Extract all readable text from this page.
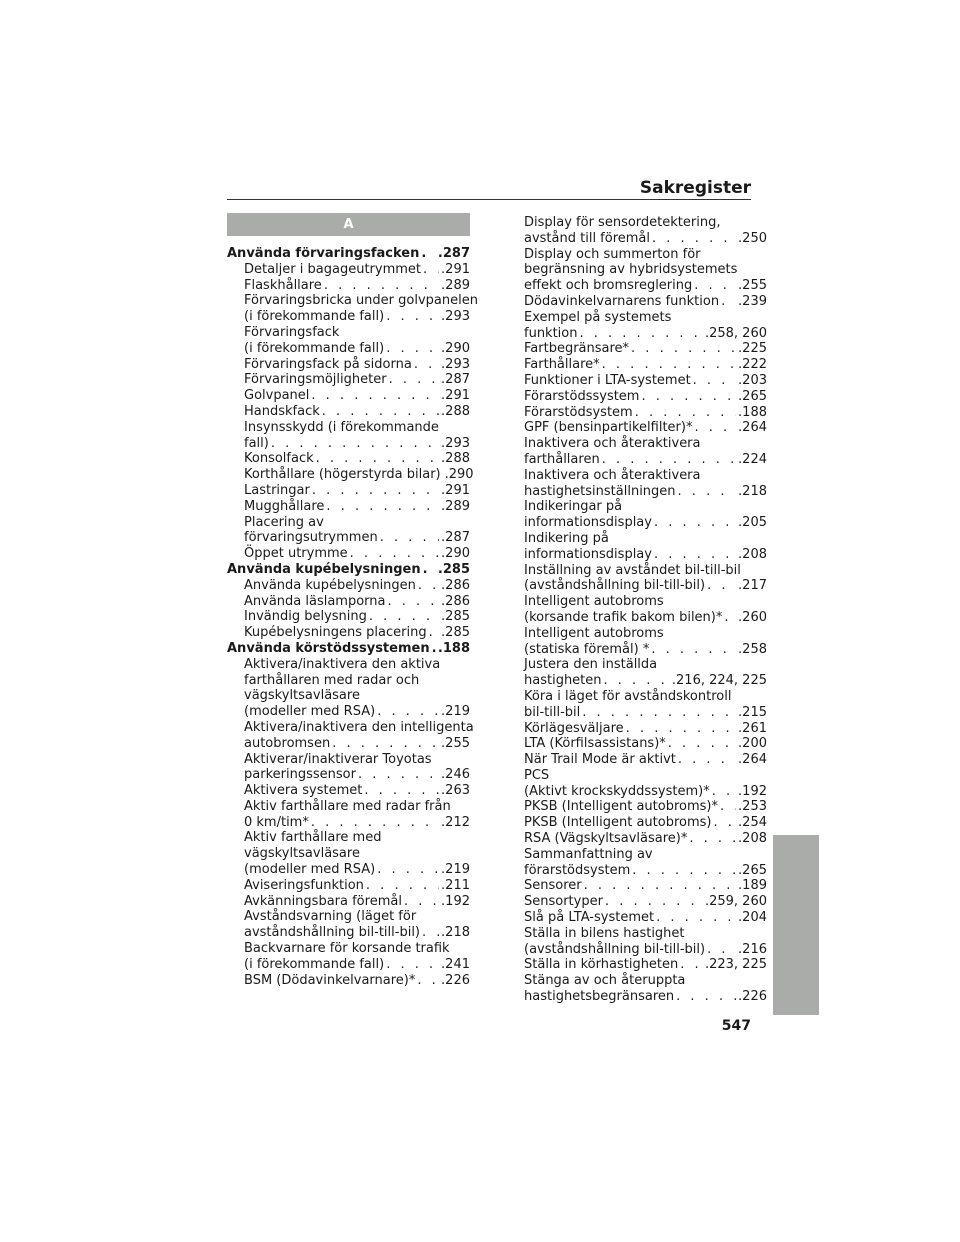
Sakregister
A
Använda förvaringsfacken . . . .287
Detaljer i bagageutrymmet . . . .291
Flaskhållare . . .	.289
Förvaringsbricka under golvpanelen
(i förekommande fall) . . .	.293
Förvaringsfack
(i förekommande fall) . . .	.290
Förvaringsfack på sidorna . . . .293
Förvaringsmöjligheter . . .	.287
Golvpanel . . .	.291
Handskfack . . .	.288
Insynsskydd (i förekommande
fall) . . .	.293
Konsolfack . . .	.288
Korthållare (högerstyrda bilar) .290
Lastringar . . .	.291
Mugghållare . . .	.289
Placering av
förvaringsutrymmen . . .	.287
Öppet utrymme . . .	.290
Använda kupébelysningen . . . .285
Använda kupébelysningen . . . .286
Använda läslamporna . . .	.286
Invändig belysning . . .	.285
Kupébelysningens placering . . . .285
Använda körstödssystemen . . . .188
Aktivera/inaktivera den aktiva
farthållaren med radar och
vägskyltsavläsare
(modeller med RSA) . . .	.219
Aktivera/inaktivera den intelligenta
autobromsen . . .	.255
Aktiverar/inaktiverar Toyotas
parkeringssensor . . .	.246
Aktivera systemet . . .	.263
Aktiv farthållare med radar från
0 km/tim* . . .	.212
Aktiv farthållare med
vägskyltsavläsare
(modeller med RSA) . . .	.219
Aviseringsfunktion . . .	.211
Avkänningsbara föremål . . .	.192
Avståndsvarning (läget för
avståndshållning bil-till-bil) . . . .218
Backvarnare för korsande trafik
(i förekommande fall) . . .	.241
BSM (Dödavinkelvarnare)* . . . .226
Display för sensordetektering,
avstånd till föremål . . .	.250
Display och summerton för
begränsning av hybridsystemets
effekt och bromsreglering . . .	.255
Dödavinkelvarnarens funktion . . . .239
Exempel på systemets
funktion . . .	.258, 260
Fartbegränsare* . . .	.225
Farthållare* . . .	.222
Funktioner i LTA-systemet . . .	.203
Förarstödssystem . . .	.265
Förarstödsystem . . .	.188
GPF (bensinpartikelfilter)* . . .	.264
Inaktivera och återaktivera
farthållaren . . .	.224
Inaktivera och återaktivera
hastighetsinställningen . . .	.218
Indikeringar på
informationsdisplay . . .	.205
Indikering på
informationsdisplay . . .	.208
Inställning av avståndet bil-till-bil
(avståndshållning bil-till-bil) . . .	.217
Intelligent autobroms
(korsande trafik bakom bilen)* . . . .260
Intelligent autobroms
(statiska föremål) * . . .	.258
Justera den inställda
hastigheten . . .	.216, 224, 225
Köra i läget för avståndskontroll
bil-till-bil . . .	.215
Körlägesväljare . . .	.261
LTA (Körfilsassistans)* . . .	.200
När Trail Mode är aktivt . . .	.264
PCS
(Aktivt krockskyddssystem)* . . . .192
PKSB (Intelligent autobroms)* . . . .253
PKSB (Intelligent autobroms) . . . .254
RSA (Vägskyltsavläsare)* . . .	.208
Sammanfattning av
förarstödsystem . . .	.265
Sensorer . . .	.189
Sensortyper . . .	.259, 260
Slå på LTA-systemet . . .	.204
Ställa in bilens hastighet
(avståndshållning bil-till-bil) . . .	.216
Ställa in körhastigheten . . . .223, 225
Stänga av och återuppta
hastighetsbegränsaren . . .	.226
547
